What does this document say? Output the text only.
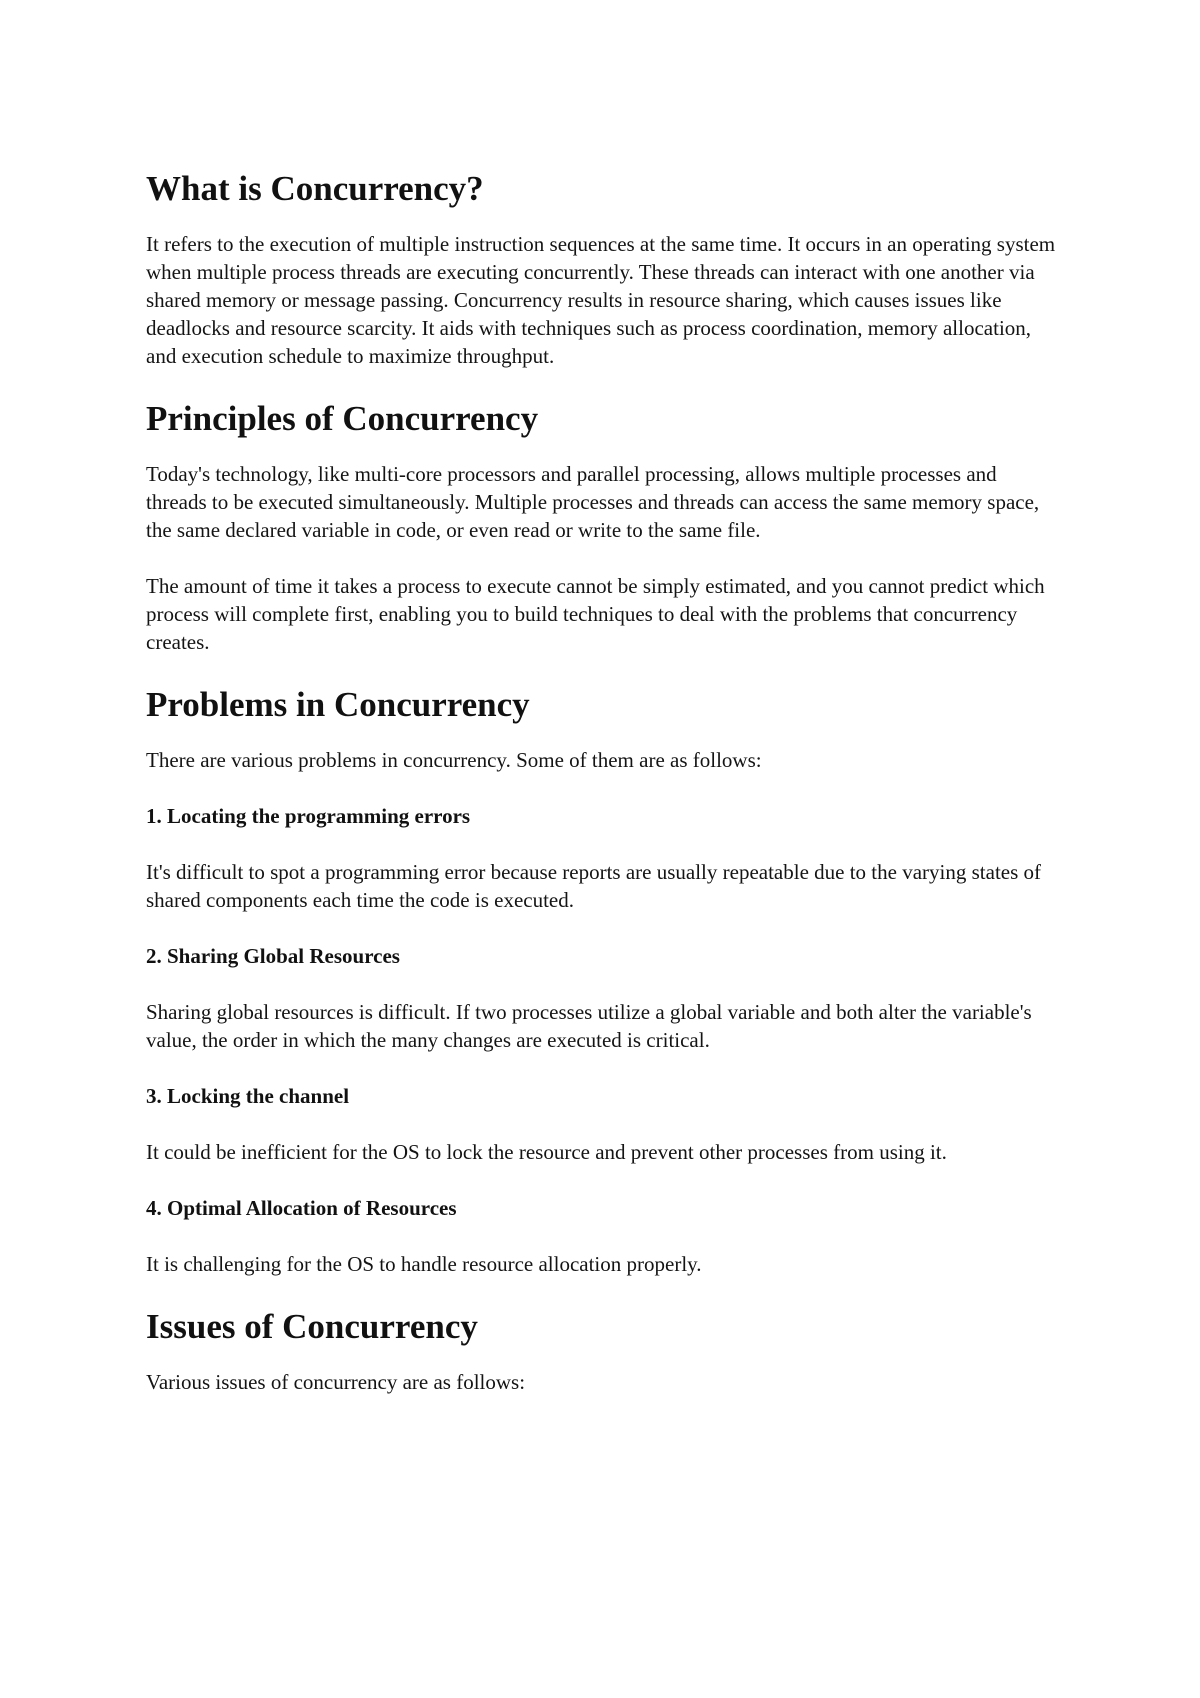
What is Concurrency?

It refers to the execution of multiple instruction sequences at the same time. It occurs in an operating system when multiple process threads are executing concurrently. These threads can interact with one another via shared memory or message passing. Concurrency results in resource sharing, which causes issues like deadlocks and resource scarcity. It aids with techniques such as process coordination, memory allocation, and execution schedule to maximize throughput.

Principles of Concurrency

Today's technology, like multi-core processors and parallel processing, allows multiple processes and threads to be executed simultaneously. Multiple processes and threads can access the same memory space, the same declared variable in code, or even read or write to the same file.

The amount of time it takes a process to execute cannot be simply estimated, and you cannot predict which process will complete first, enabling you to build techniques to deal with the problems that concurrency creates.

Problems in Concurrency

There are various problems in concurrency. Some of them are as follows:

1. Locating the programming errors

It's difficult to spot a programming error because reports are usually repeatable due to the varying states of shared components each time the code is executed.

2. Sharing Global Resources

Sharing global resources is difficult. If two processes utilize a global variable and both alter the variable's value, the order in which the many changes are executed is critical.

3. Locking the channel

It could be inefficient for the OS to lock the resource and prevent other processes from using it.

4. Optimal Allocation of Resources

It is challenging for the OS to handle resource allocation properly.

Issues of Concurrency

Various issues of concurrency are as follows:
